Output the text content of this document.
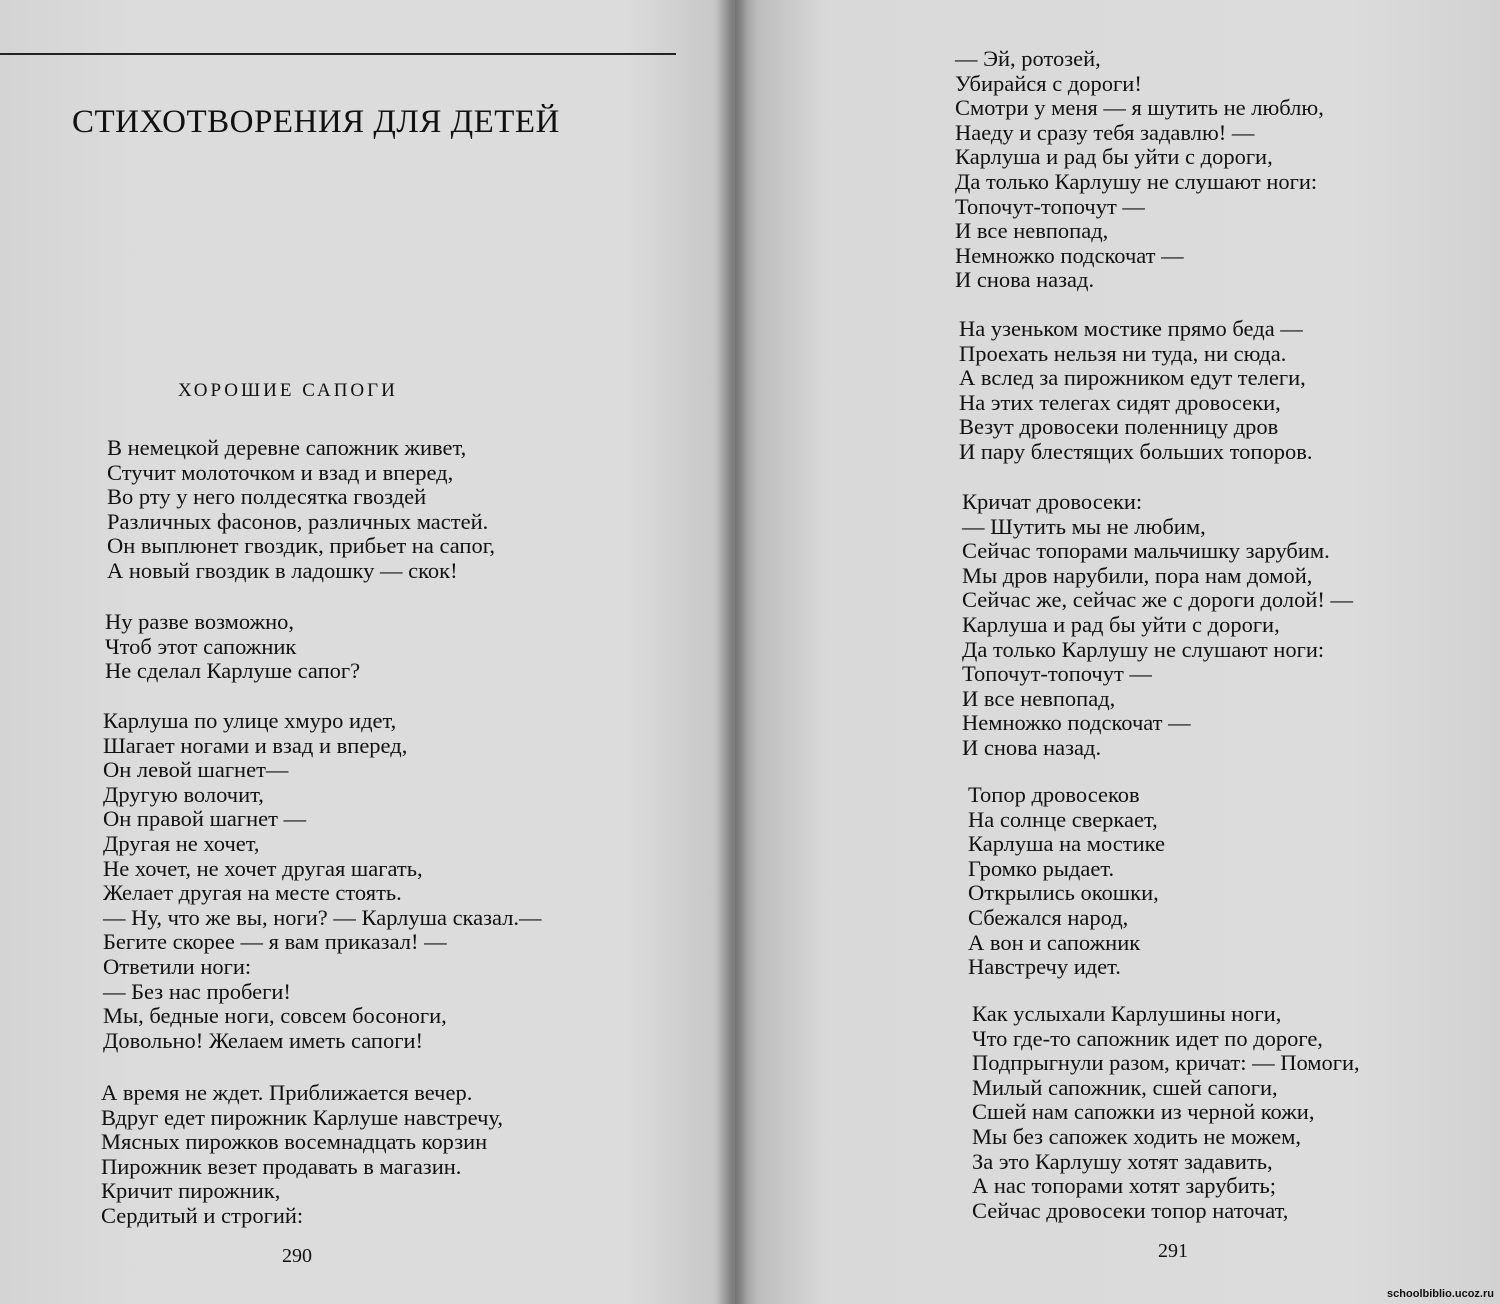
СТИХОТВОРЕНИЯ ДЛЯ ДЕТЕЙ
ХОРОШИЕ САПОГИ
В немецкой деревне сапожник живет,
Стучит молоточком и взад и вперед,
Во рту у него полдесятка гвоздей
Различных фасонов, различных мастей.
Он выплюнет гвоздик, прибьет на сапог,
А новый гвоздик в ладошку — скок!
Ну разве возможно,
Чтоб этот сапожник
Не сделал Карлуше сапог?
Карлуша по улице хмуро идет,
Шагает ногами и взад и вперед,
Он левой шагнет—
Другую волочит,
Он правой шагнет —
Другая не хочет,
Не хочет, не хочет другая шагать,
Желает другая на месте стоять.
— Ну, что же вы, ноги? — Карлуша сказал.—
Бегите скорее — я вам приказал! —
Ответили ноги:
— Без нас пробеги!
Мы, бедные ноги, совсем босоноги,
Довольно! Желаем иметь сапоги!
А время не ждет. Приближается вечер.
Вдруг едет пирожник Карлуше навстречу,
Мясных пирожков восемнадцать корзин
Пирожник везет продавать в магазин.
Кричит пирожник,
Сердитый и строгий:
290
— Эй, ротозей,
Убирайся с дороги!
Смотри у меня — я шутить не люблю,
Наеду и сразу тебя задавлю! —
Карлуша и рад бы уйти с дороги,
Да только Карлушу не слушают ноги:
Топочут-топочут —
И все невпопад,
Немножко подскочат —
И снова назад.
На узеньком мостике прямо беда —
Проехать нельзя ни туда, ни сюда.
А вслед за пирожником едут телеги,
На этих телегах сидят дровосеки,
Везут дровосеки поленницу дров
И пару блестящих больших топоров.
Кричат дровосеки:
— Шутить мы не любим,
Сейчас топорами мальчишку зарубим.
Мы дров нарубили, пора нам домой,
Сейчас же, сейчас же с дороги долой! —
Карлуша и рад бы уйти с дороги,
Да только Карлушу не слушают ноги:
Топочут-топочут —
И все невпопад,
Немножко подскочат —
И снова назад.
Топор дровосеков
На солнце сверкает,
Карлуша на мостике
Громко рыдает.
Открылись окошки,
Сбежался народ,
А вон и сапожник
Навстречу идет.
Как услыхали Карлушины ноги,
Что где-то сапожник идет по дороге,
Подпрыгнули разом, кричат: — Помоги,
Милый сапожник, сшей сапоги,
Сшей нам сапожки из черной кожи,
Мы без сапожек ходить не можем,
За это Карлушу хотят задавить,
А нас топорами хотят зарубить;
Сейчас дровосеки топор наточат,
291
schoolbiblio.ucoz.ru
